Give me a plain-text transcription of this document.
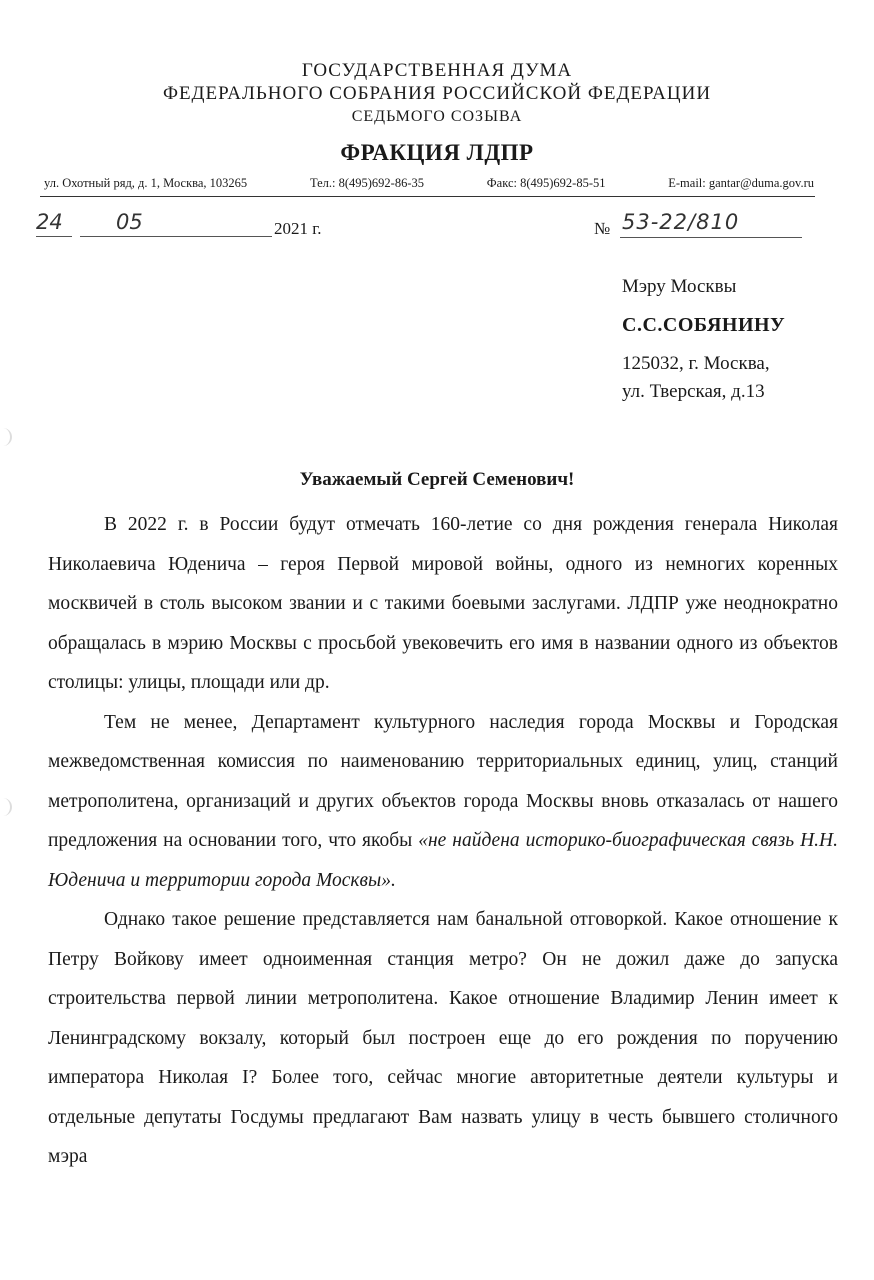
ГОСУДАРСТВЕННАЯ ДУМА
ФЕДЕРАЛЬНОГО СОБРАНИЯ РОССИЙСКОЙ ФЕДЕРАЦИИ
СЕДЬМОГО СОЗЫВА
ФРАКЦИЯ ЛДПР
ул. Охотный ряд, д. 1, Москва, 103265	Тел.: 8(495)692-86-35	Факс: 8(495)692-85-51	E-mail: gantar@duma.gov.ru
24	05	2021 г.	№ 53-22/810
Мэру Москвы
С.С.СОБЯНИНУ
125032, г. Москва,
ул. Тверская, д.13
Уважаемый Сергей Семенович!

В 2022 г. в России будут отмечать 160-летие со дня рождения генерала Николая Николаевича Юденича – героя Первой мировой войны, одного из немногих коренных москвичей в столь высоком звании и с такими боевыми заслугами. ЛДПР уже неоднократно обращалась в мэрию Москвы с просьбой увековечить его имя в названии одного из объектов столицы: улицы, площади или др.

Тем не менее, Департамент культурного наследия города Москвы и Городская межведомственная комиссия по наименованию территориальных единиц, улиц, станций метрополитена, организаций и других объектов города Москвы вновь отказалась от нашего предложения на основании того, что якобы «не найдена историко-биографическая связь Н.Н. Юденича и территории города Москвы».

Однако такое решение представляется нам банальной отговоркой. Какое отношение к Петру Войкову имеет одноименная станция метро? Он не дожил даже до запуска строительства первой линии метрополитена. Какое отношение Владимир Ленин имеет к Ленинградскому вокзалу, который был построен еще до его рождения по поручению императора Николая I? Более того, сейчас многие авторитетные деятели культуры и отдельные депутаты Госдумы предлагают Вам назвать улицу в честь бывшего столичного мэра
